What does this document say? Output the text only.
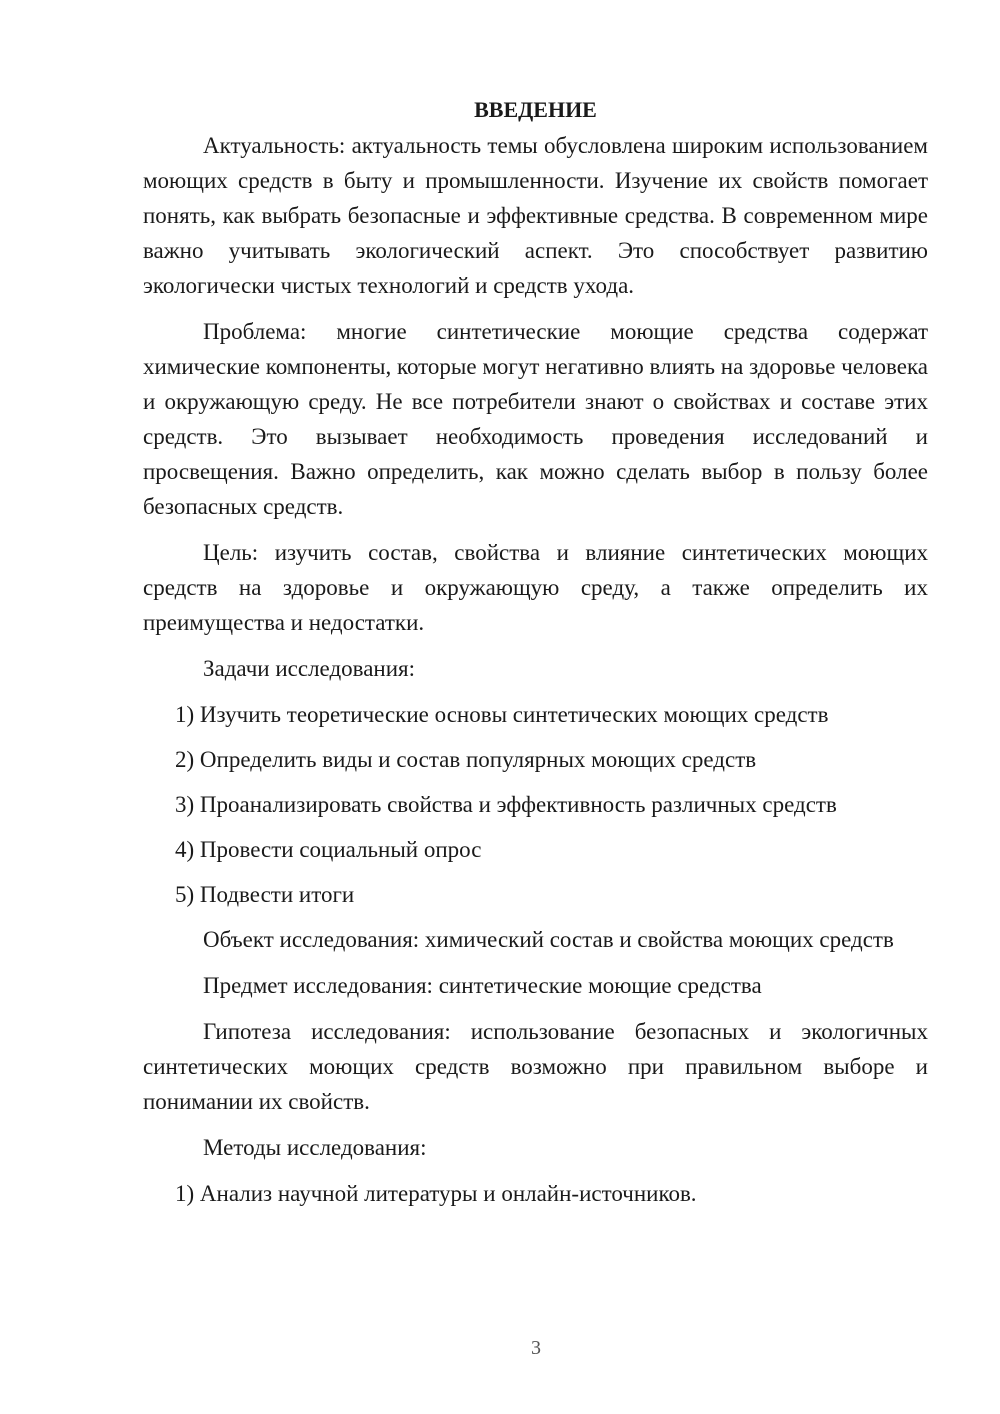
ВВЕДЕНИЕ

Актуальность: актуальность темы обусловлена широким использованием моющих средств в быту и промышленности. Изучение их свойств помогает понять, как выбрать безопасные и эффективные средства. В современном мире важно учитывать экологический аспект. Это способствует развитию экологически чистых технологий и средств ухода.

Проблема: многие синтетические моющие средства содержат химические компоненты, которые могут негативно влиять на здоровье человека и окружающую среду. Не все потребители знают о свойствах и составе этих средств. Это вызывает необходимость проведения исследований и просвещения. Важно определить, как можно сделать выбор в пользу более безопасных средств.

Цель: изучить состав, свойства и влияние синтетических моющих средств на здоровье и окружающую среду, а также определить их преимущества и недостатки.

Задачи исследования:

1) Изучить теоретические основы синтетических моющих средств

2) Определить виды и состав популярных моющих средств

3) Проанализировать свойства и эффективность различных средств

4) Провести социальный опрос

5) Подвести итоги

Объект исследования: химический состав и свойства моющих средств

Предмет исследования: синтетические моющие средства

Гипотеза исследования: использование безопасных и экологичных синтетических моющих средств возможно при правильном выборе и понимании их свойств.

Методы исследования:

1) Анализ научной литературы и онлайн-источников.

3
